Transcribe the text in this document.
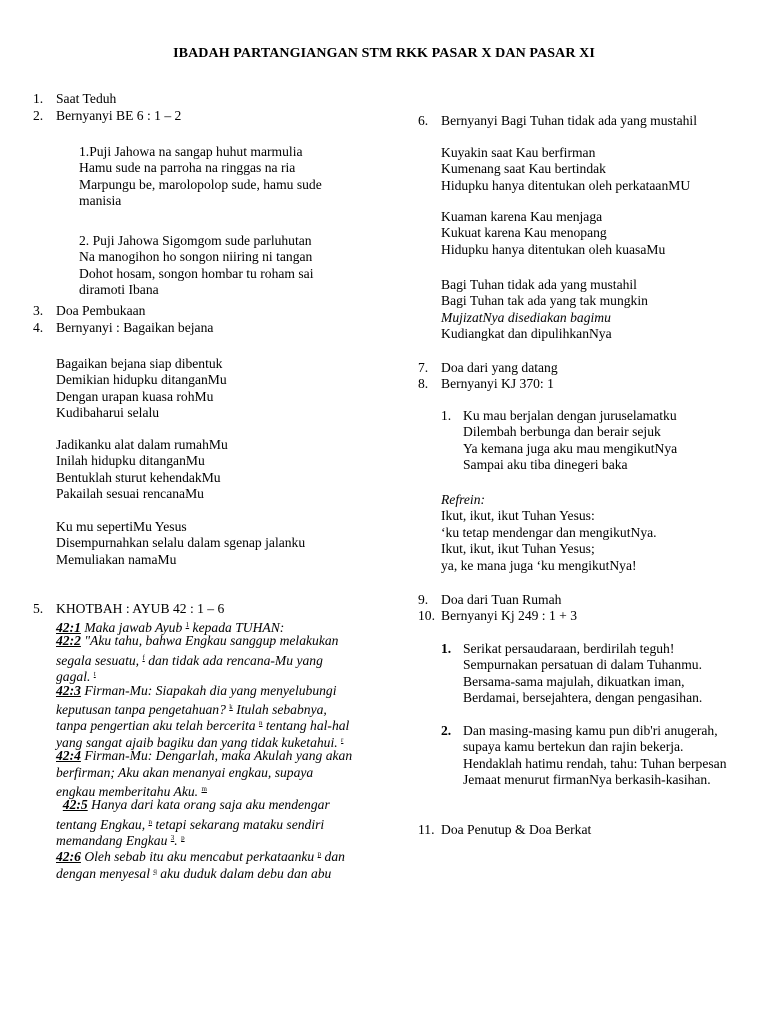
IBADAH PARTANGIANGAN STM RKK PASAR X DAN PASAR XI
1. Saat Teduh
2. Bernyanyi BE 6 : 1 – 2
1.Puji Jahowa na sangap huhut marmulia
Hamu sude na parroha na ringgas na ria
Marpungu be, marolopolop sude, hamu sude
manisia
2. Puji Jahowa Sigomgom sude parluhutan
Na manogihon ho songon niiring ni tangan
Dohot hosam, songon hombar tu roham sai
diramoti Ibana
3. Doa Pembukaan
4. Bernyanyi : Bagaikan bejana
Bagaikan bejana siap dibentuk
Demikian hidupku ditanganMu
Dengan urapan kuasa rohMu
Kudibaharui selalu
Jadikanku alat dalam rumahMu
Inilah hidupku ditanganMu
Bentuklah sturut kehendakMu
Pakailah sesuai rencanaMu
Ku mu sepertiMu Yesus
Disempurnahkan selalu dalam sgenap jalanku
Memuliakan namaMu
5. KHOTBAH : AYUB 42 : 1 – 6
42:1 Maka jawab Ayub $^1$ kepada TUHAN:
42:2 "Aku tahu, bahwa Engkau sanggup melakukan
segala sesuatu, $^f$ dan tidak ada rencana-Mu yang
gagal. $^t$
42:3 Firman-Mu: Siapakah dia yang menyelubungi
keputusan tanpa pengetahuan? $^k$ Itulah sebabnya,
tanpa pengertian aku telah bercerita $^n$ tentang hal-hal
yang sangat ajaib bagiku dan yang tidak kuketahui. $^r$
42:4 Firman-Mu: Dengarlah, maka Akulah yang akan
berfirman; Aku akan menanyai engkau, supaya
engkau memberitahu Aku. $^m$
42:5 Hanya dari kata orang saja aku mendengar
tentang Engkau, $^n$ tetapi sekarang mataku sendiri
memandang Engkau $^3$. $^p$
42:6 Oleh sebab itu aku mencabut perkataanku $^p$ dan
dengan menyesal $^q$ aku duduk dalam debu dan abu
6. Bernyanyi Bagi Tuhan tidak ada yang mustahil
Kuyakin saat Kau berfirman
Kumenang saat Kau bertindak
Hidupku hanya ditentukan oleh perkataanMU
Kuaman karena Kau menjaga
Kukuat karena Kau menopang
Hidupku hanya ditentukan oleh kuasaMu
Bagi Tuhan tidak ada yang mustahil
Bagi Tuhan tak ada yang tak mungkin
MujizatNya disediakan bagimu
Kudiangkat dan dipulihkanNya
7. Doa dari yang datang
8. Bernyanyi KJ 370: 1
1. Ku mau berjalan dengan juruselamatku
Dilembah berbunga dan berair sejuk
Ya kemana juga aku mau mengikutNya
Sampai aku tiba dinegeri baka
Refrein:
Ikut, ikut, ikut Tuhan Yesus:
‘ku tetap mendengar dan mengikutNya.
Ikut, ikut, ikut Tuhan Yesus;
ya, ke mana juga ‘ku mengikutNya!
9. Doa dari Tuan Rumah
10. Bernyanyi Kj 249 : 1 + 3
1. Serikat persaudaraan, berdirilah teguh!
Sempurnakan persatuan di dalam Tuhanmu.
Bersama-sama majulah, dikuatkan iman,
Berdamai, bersejahtera, dengan pengasihan.
2. Dan masing-masing kamu pun dib'ri anugerah,
supaya kamu bertekun dan rajin bekerja.
Hendaklah hatimu rendah, tahu: Tuhan berpesan
Jemaat menurut firmanNya berkasih-kasihan.
11. Doa Penutup & Doa Berkat
